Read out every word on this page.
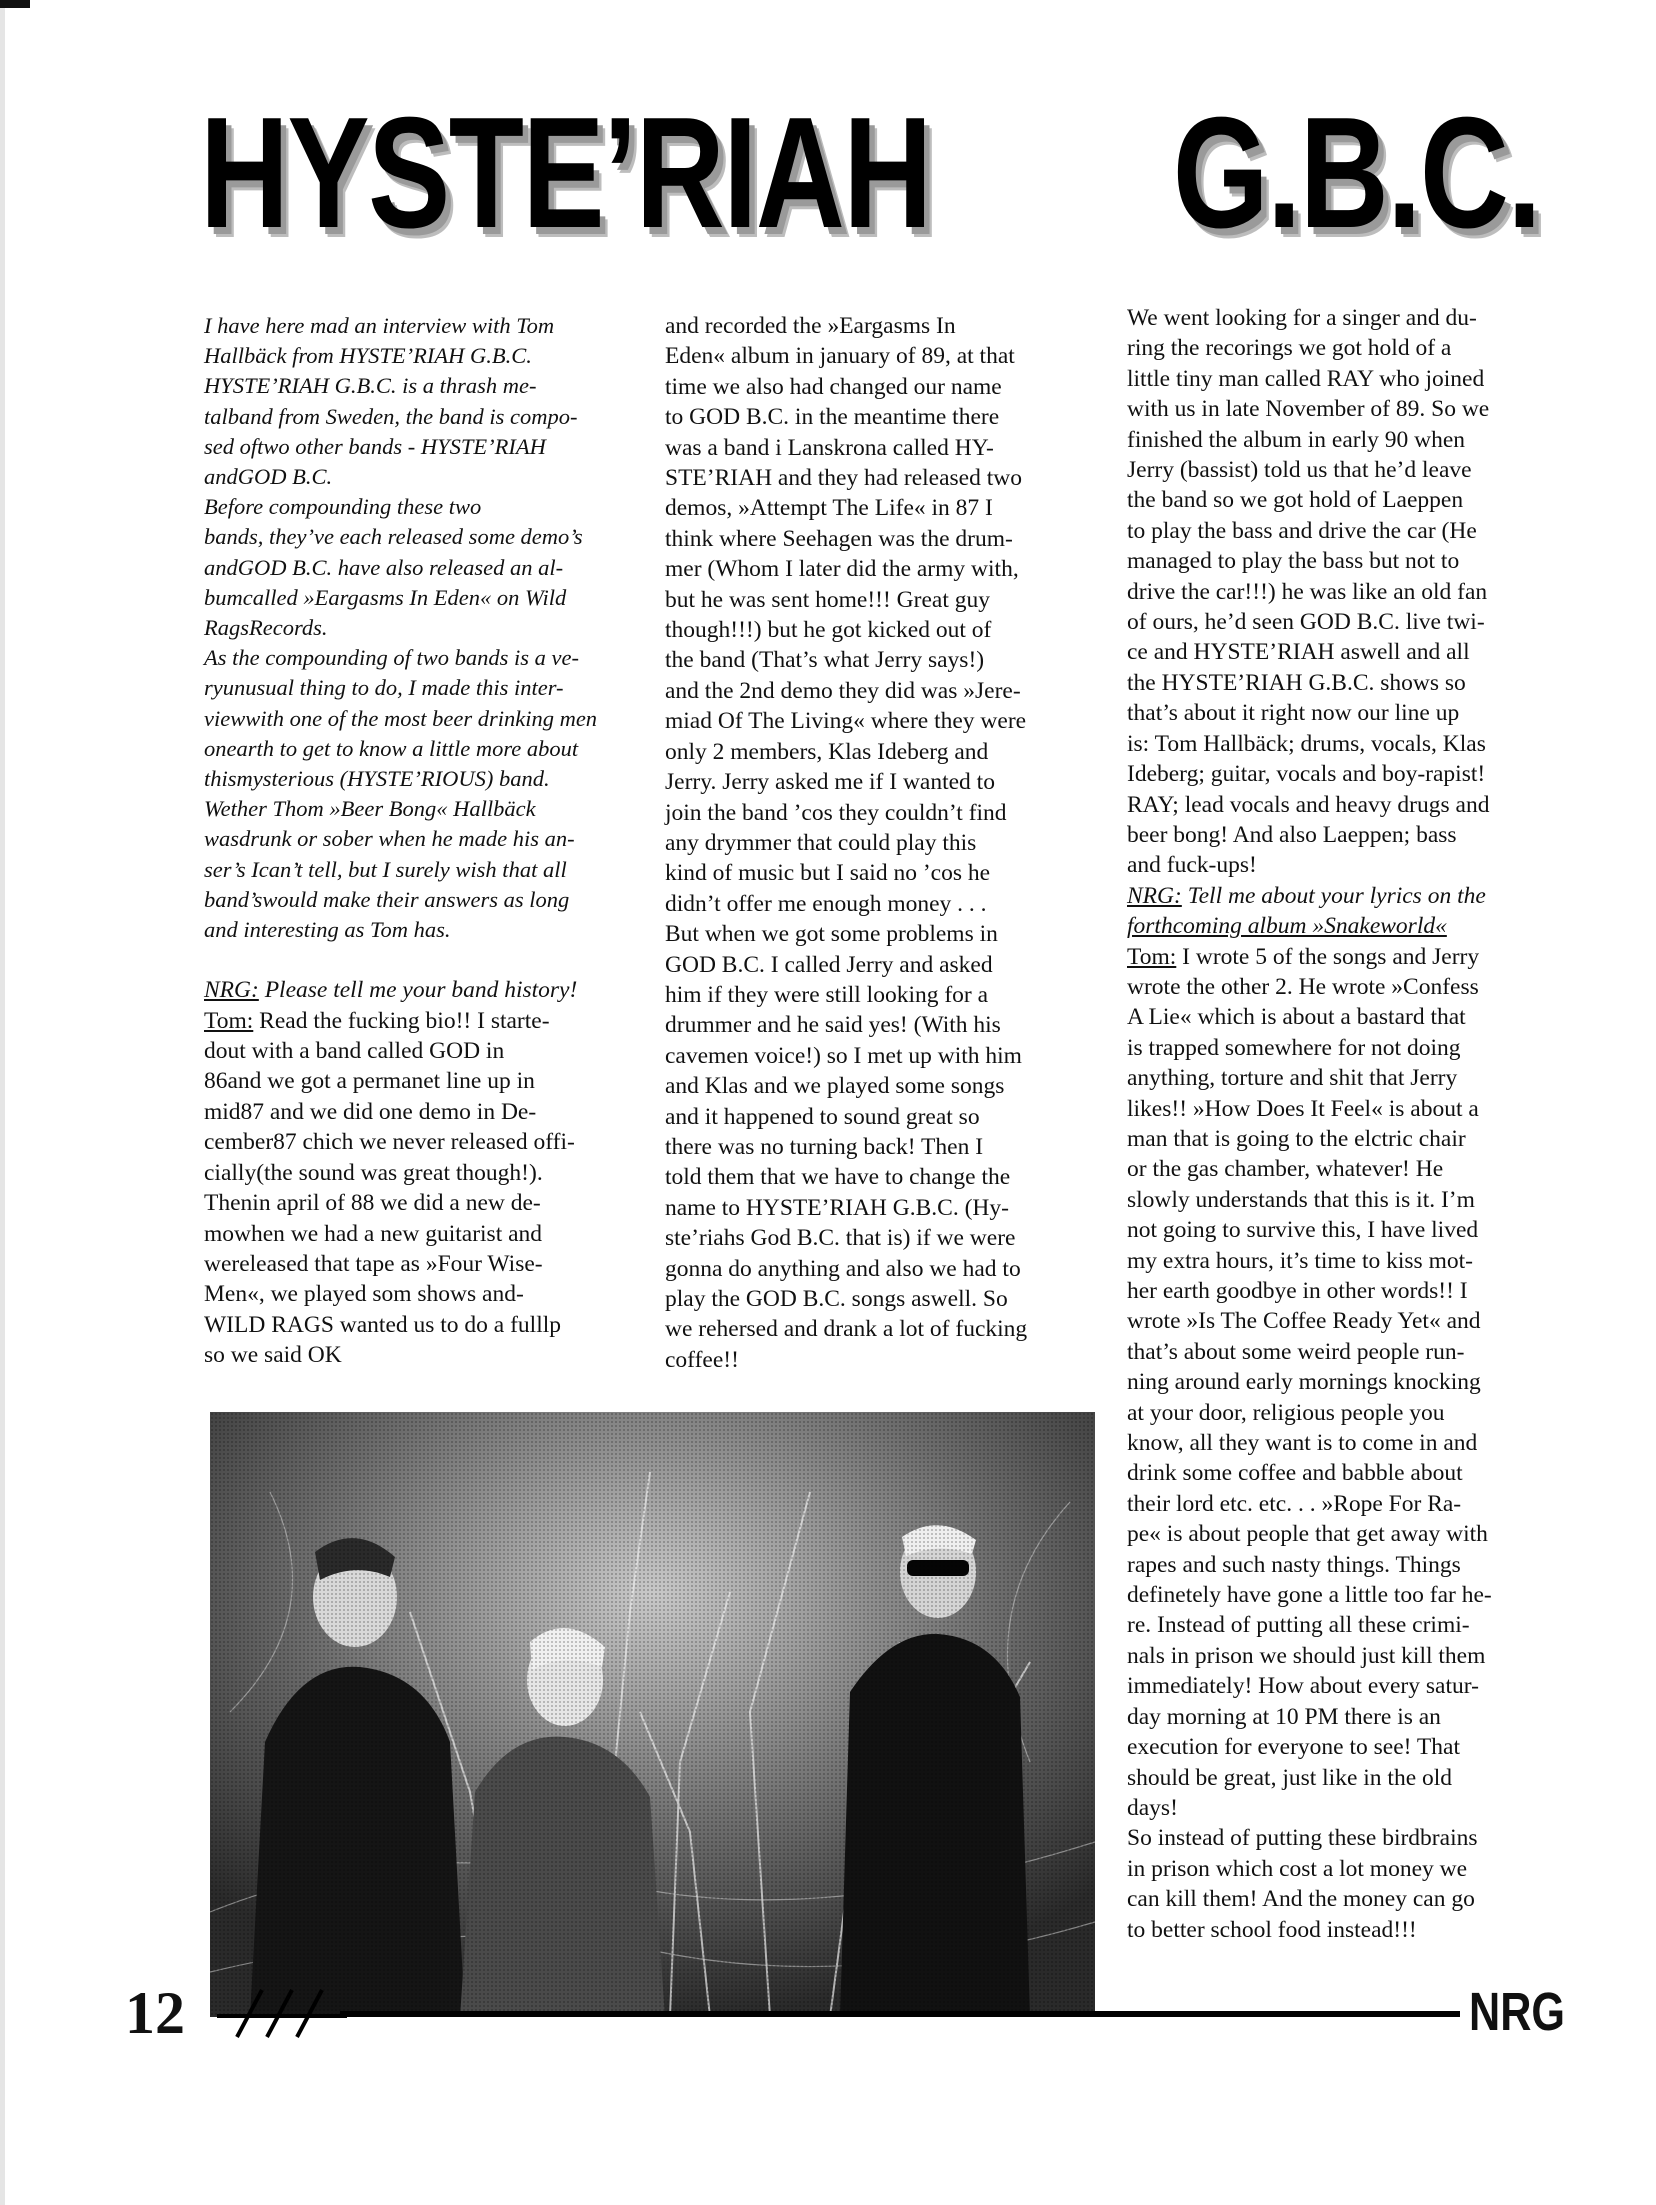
HYSTE’RIAH G.B.C.

I have here mad an interview with Tom

Hallbäck from HYSTE’RIAH G.B.C.

HYSTE’RIAH G.B.C. is a thrash me-

talband from Sweden, the band is compo-

sed oftwo other bands - HYSTE’RIAH

andGOD B.C.

Before compounding these two

bands, they’ve each released some demo’s

andGOD B.C. have also released an al-

bumcalled »Eargasms In Eden« on Wild

RagsRecords.

As the compounding of two bands is a ve-

ryunusual thing to do, I made this inter-

viewwith one of the most beer drinking men

onearth to get to know a little more about

thismysterious (HYSTE’RIOUS) band.

Wether Thom »Beer Bong« Hallbäck

wasdrunk or sober when he made his an-

ser’s Ican’t tell, but I surely wish that all

band’swould make their answers as long

and interesting as Tom has.

NRG: Please tell me your band history!

Tom: Read the fucking bio!! I starte-

dout with a band called GOD in

86and we got a permanet line up in

mid87 and we did one demo in De-

cember87 chich we never released offi-

cially(the sound was great though!).

Thenin april of 88 we did a new de-

mowhen we had a new guitarist and

wereleased that tape as »Four Wise-

Men«, we played som shows and-

WILD RAGS wanted us to do a fulllp

so we said OK

and recorded the »Eargasms In

Eden« album in january of 89, at that

time we also had changed our name

to GOD B.C. in the meantime there

was a band i Lanskrona called HY-

STE’RIAH and they had released two

demos, »Attempt The Life« in 87 I

think where Seehagen was the drum-

mer (Whom I later did the army with,

but he was sent home!!! Great guy

though!!!) but he got kicked out of

the band (That’s what Jerry says!)

and the 2nd demo they did was »Jere-

miad Of The Living« where they were

only 2 members, Klas Ideberg and

Jerry. Jerry asked me if I wanted to

join the band ’cos they couldn’t find

any drymmer that could play this

kind of music but I said no ’cos he

didn’t offer me enough money . . .

But when we got some problems in

GOD B.C. I called Jerry and asked

him if they were still looking for a

drummer and he said yes! (With his

cavemen voice!) so I met up with him

and Klas and we played some songs

and it happened to sound great so

there was no turning back! Then I

told them that we have to change the

name to HYSTE’RIAH G.B.C. (Hy-

ste’riahs God B.C. that is) if we were

gonna do anything and also we had to

play the GOD B.C. songs aswell. So

we rehersed and drank a lot of fucking

coffee!!

We went looking for a singer and du-

ring the recorings we got hold of a

little tiny man called RAY who joined

with us in late November of 89. So we

finished the album in early 90 when

Jerry (bassist) told us that he’d leave

the band so we got hold of Laeppen

to play the bass and drive the car (He

managed to play the bass but not to

drive the car!!!) he was like an old fan

of ours, he’d seen GOD B.C. live twi-

ce and HYSTE’RIAH aswell and all

the HYSTE’RIAH G.B.C. shows so

that’s about it right now our line up

is: Tom Hallbäck; drums, vocals, Klas

Ideberg; guitar, vocals and boy-rapist!

RAY; lead vocals and heavy drugs and

beer bong! And also Laeppen; bass

and fuck-ups!

NRG: Tell me about your lyrics on the

forthcoming album »Snakeworld«

Tom: I wrote 5 of the songs and Jerry

wrote the other 2. He wrote »Confess

A Lie« which is about a bastard that

is trapped somewhere for not doing

anything, torture and shit that Jerry

likes!! »How Does It Feel« is about a

man that is going to the elctric chair

or the gas chamber, whatever! He

slowly understands that this is it. I’m

not going to survive this, I have lived

my extra hours, it’s time to kiss mot-

her earth goodbye in other words!! I

wrote »Is The Coffee Ready Yet« and

that’s about some weird people run-

ning around early mornings knocking

at your door, religious people you

know, all they want is to come in and

drink some coffee and babble about

their lord etc. etc. . . »Rope For Ra-

pe« is about people that get away with

rapes and such nasty things. Things

definetely have gone a little too far he-

re. Instead of putting all these crimi-

nals in prison we should just kill them

immediately! How about every satur-

day morning at 10 PM there is an

execution for everyone to see! That

should be great, just like in the old

days!

So instead of putting these birdbrains

in prison which cost a lot money we

can kill them! And the money can go

to better school food instead!!!

12	NRG
